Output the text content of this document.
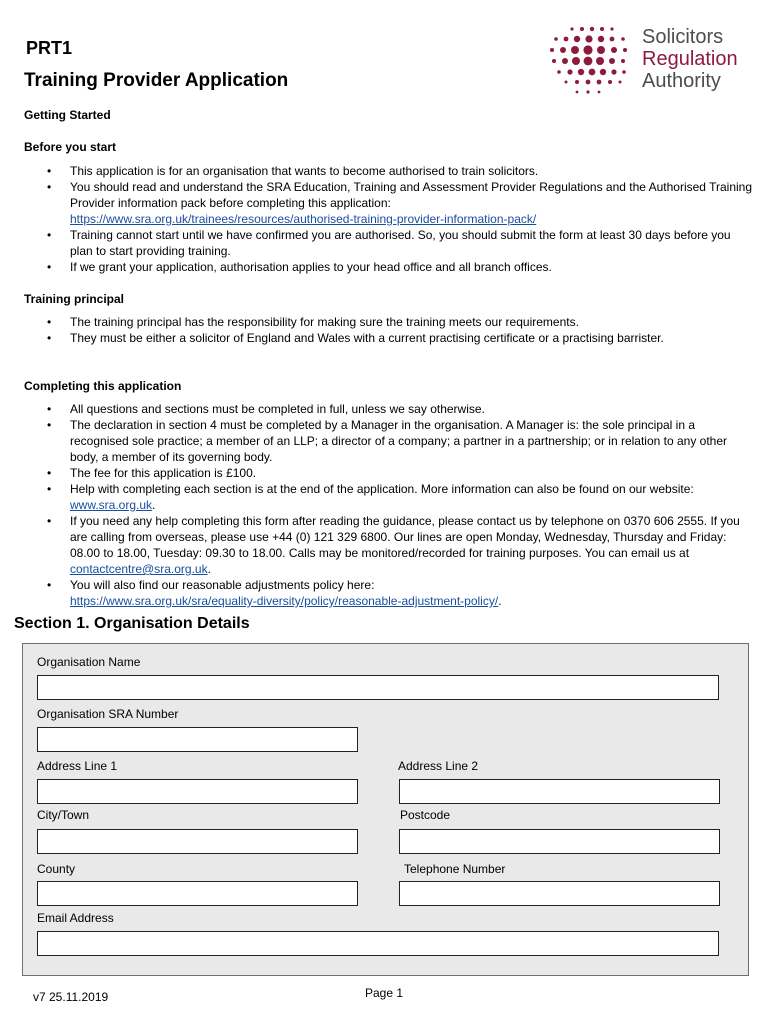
PRT1
Training Provider Application
Solicitors
Regulation
Authority
Getting Started
Before you start
• This application is for an organisation that wants to become authorised to train solicitors.
• You should read and understand the SRA Education, Training and Assessment Provider Regulations and the Authorised Training Provider information pack before completing this application:
https://www.sra.org.uk/trainees/resources/authorised-training-provider-information-pack/
• Training cannot start until we have confirmed you are authorised. So, you should submit the form at least 30 days before you plan to start providing training.
• If we grant your application, authorisation applies to your head office and all branch offices.
Training principal
• The training principal has the responsibility for making sure the training meets our requirements.
• They must be either a solicitor of England and Wales with a current practising certificate or a practising barrister.
Completing this application
• All questions and sections must be completed in full, unless we say otherwise.
• The declaration in section 4 must be completed by a Manager in the organisation. A Manager is: the sole principal in a recognised sole practice; a member of an LLP; a director of a company; a partner in a partnership; or in relation to any other body, a member of its governing body.
• The fee for this application is £100.
• Help with completing each section is at the end of the application. More information can also be found on our website: www.sra.org.uk.
• If you need any help completing this form after reading the guidance, please contact us by telephone on 0370 606 2555. If you are calling from overseas, please use +44 (0) 121 329 6800. Our lines are open Monday, Wednesday, Thursday and Friday: 08.00 to 18.00, Tuesday: 09.30 to 18.00. Calls may be monitored/recorded for training purposes. You can email us at contactcentre@sra.org.uk.
• You will also find our reasonable adjustments policy here:
https://www.sra.org.uk/sra/equality-diversity/policy/reasonable-adjustment-policy/.
Section 1. Organisation Details
Organisation Name
Organisation SRA Number
Address Line 1	Address Line 2
City/Town	Postcode
County	Telephone Number
Email Address
v7 25.11.2019	Page 1
